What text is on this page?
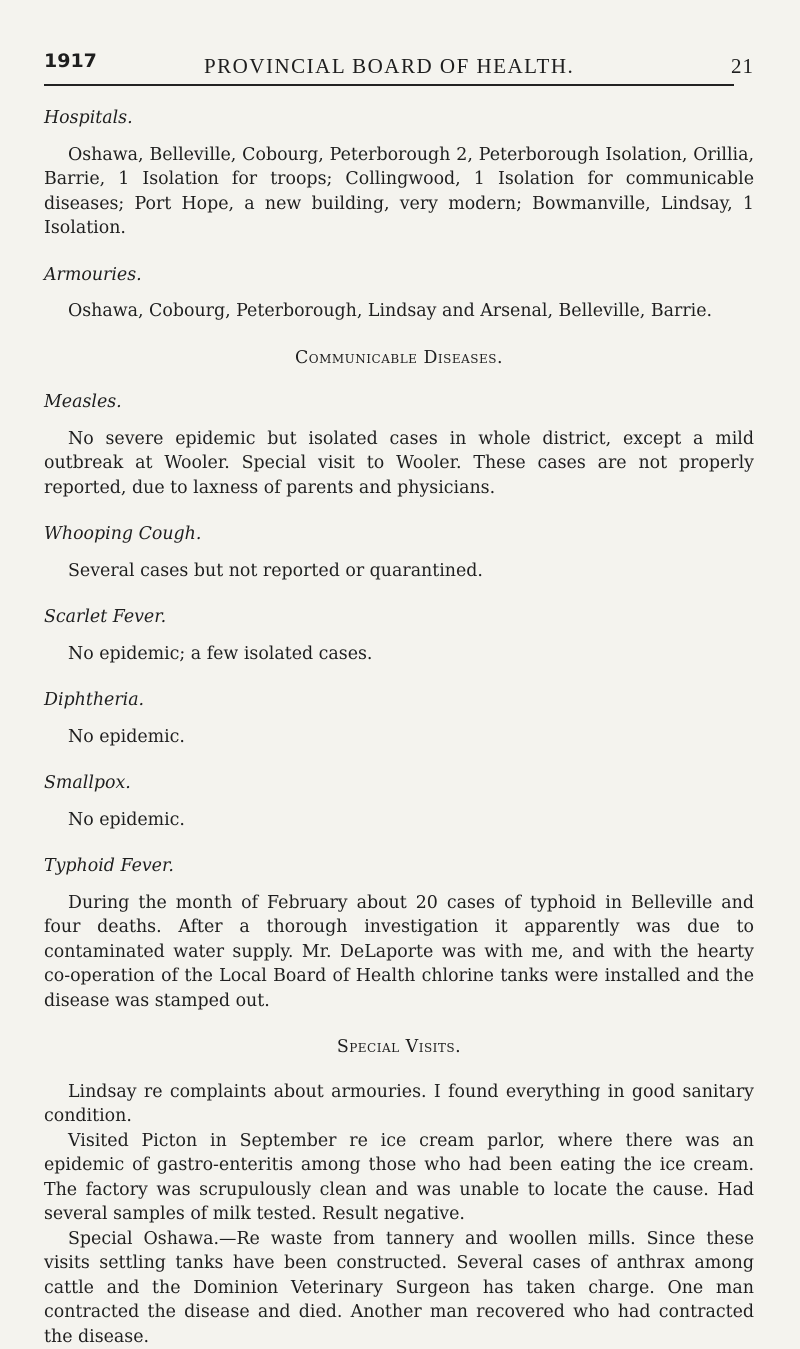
1917	PROVINCIAL BOARD OF HEALTH.	21
Hospitals.

Oshawa, Belleville, Cobourg, Peterborough 2, Peterborough Isolation, Orillia, Barrie, 1 Isolation for troops; Collingwood, 1 Isolation for communicable diseases; Port Hope, a new building, very modern; Bowmanville, Lindsay, 1 Isolation.

Armouries.

Oshawa, Cobourg, Peterborough, Lindsay and Arsenal, Belleville, Barrie.

Communicable Diseases.
Measles.

No severe epidemic but isolated cases in whole district, except a mild outbreak at Wooler. Special visit to Wooler. These cases are not properly reported, due to laxness of parents and physicians.

Whooping Cough.

Several cases but not reported or quarantined.

Scarlet Fever.

No epidemic; a few isolated cases.

Diphtheria.

No epidemic.

Smallpox.

No epidemic.

Typhoid Fever.

During the month of February about 20 cases of typhoid in Belleville and four deaths. After a thorough investigation it apparently was due to contaminated water supply. Mr. DeLaporte was with me, and with the hearty co-operation of the Local Board of Health chlorine tanks were installed and the disease was stamped out.

Special Visits.

Lindsay re complaints about armouries. I found everything in good sanitary condition.

Visited Picton in September re ice cream parlor, where there was an epidemic of gastro-enteritis among those who had been eating the ice cream. The factory was scrupulously clean and was unable to locate the cause. Had several samples of milk tested. Result negative.

Special Oshawa.—Re waste from tannery and woollen mills. Since these visits settling tanks have been constructed. Several cases of anthrax among cattle and the Dominion Veterinary Surgeon has taken charge. One man contracted the disease and died. Another man recovered who had contracted the disease.
